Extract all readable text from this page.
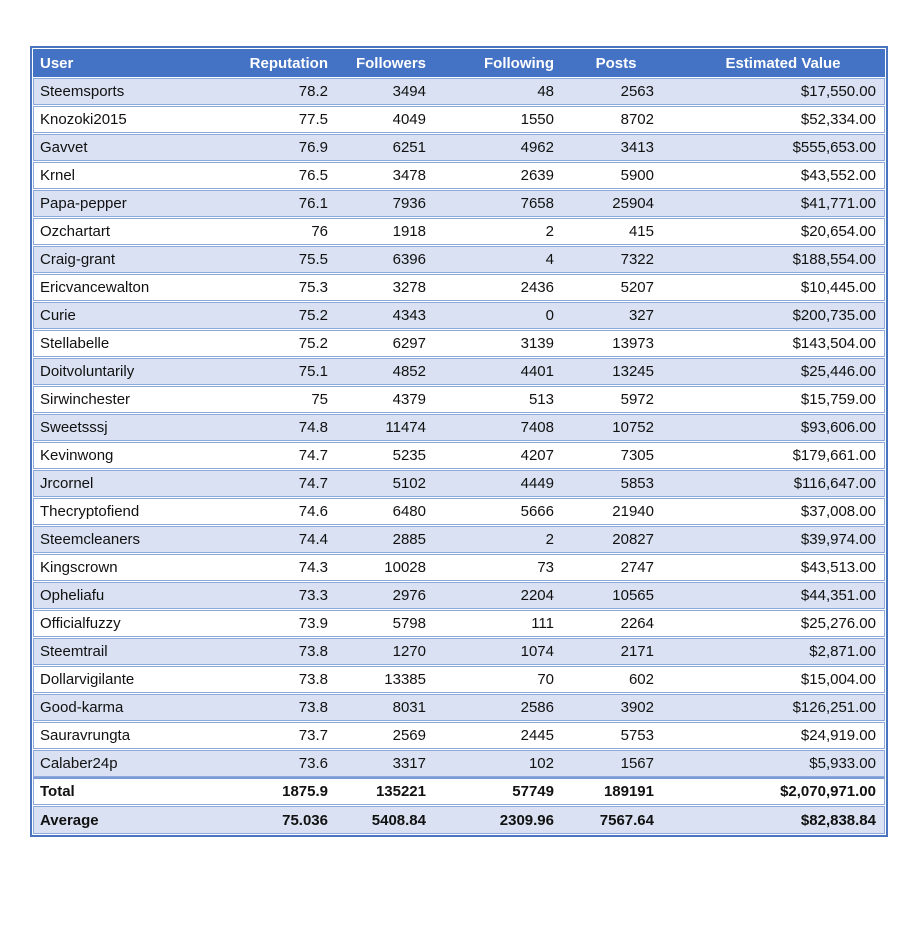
User	Reputation	Followers	Following	Posts	Estimated Value
Steemsports	78.2	3494	48	2563	$17,550.00
Knozoki2015	77.5	4049	1550	8702	$52,334.00
Gavvet	76.9	6251	4962	3413	$555,653.00
Krnel	76.5	3478	2639	5900	$43,552.00
Papa-pepper	76.1	7936	7658	25904	$41,771.00
Ozchartart	76	1918	2	415	$20,654.00
Craig-grant	75.5	6396	4	7322	$188,554.00
Ericvancewalton	75.3	3278	2436	5207	$10,445.00
Curie	75.2	4343	0	327	$200,735.00
Stellabelle	75.2	6297	3139	13973	$143,504.00
Doitvoluntarily	75.1	4852	4401	13245	$25,446.00
Sirwinchester	75	4379	513	5972	$15,759.00
Sweetsssj	74.8	11474	7408	10752	$93,606.00
Kevinwong	74.7	5235	4207	7305	$179,661.00
Jrcornel	74.7	5102	4449	5853	$116,647.00
Thecryptofiend	74.6	6480	5666	21940	$37,008.00
Steemcleaners	74.4	2885	2	20827	$39,974.00
Kingscrown	74.3	10028	73	2747	$43,513.00
Opheliafu	73.3	2976	2204	10565	$44,351.00
Officialfuzzy	73.9	5798	111	2264	$25,276.00
Steemtrail	73.8	1270	1074	2171	$2,871.00
Dollarvigilante	73.8	13385	70	602	$15,004.00
Good-karma	73.8	8031	2586	3902	$126,251.00
Sauravrungta	73.7	2569	2445	5753	$24,919.00
Calaber24p	73.6	3317	102	1567	$5,933.00
Total	1875.9	135221	57749	189191	$2,070,971.00
Average	75.036	5408.84	2309.96	7567.64	$82,838.84
